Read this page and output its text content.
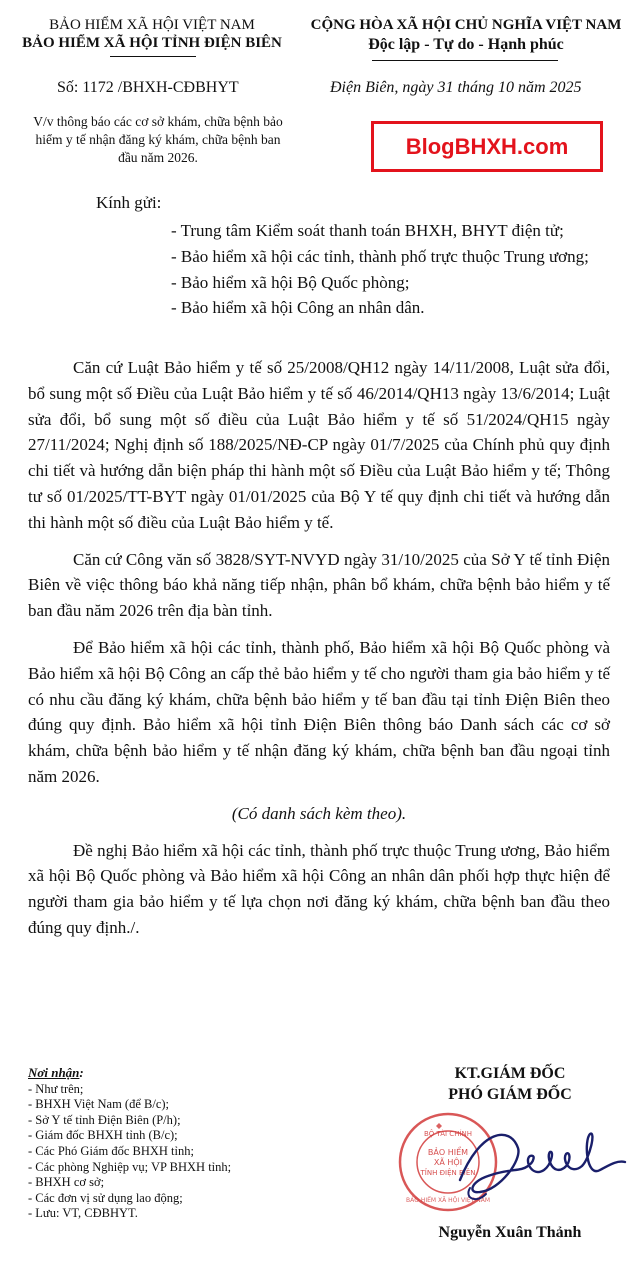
BẢO HIỂM XÃ HỘI VIỆT NAM
BẢO HIỂM XÃ HỘI TỈNH ĐIỆN BIÊN
CỘNG HÒA XÃ HỘI CHỦ NGHĨA VIỆT NAM
Độc lập - Tự do - Hạnh phúc
Số: 1172 /BHXH-CĐBHYT	Điện Biên, ngày 31 tháng 10 năm 2025
V/v thông báo các cơ sở khám, chữa bệnh bảo hiểm y tế nhận đăng ký khám, chữa bệnh ban đầu năm 2026.	BlogBHXH.com
Kính gửi:
- Trung tâm Kiểm soát thanh toán BHXH, BHYT điện tử;
- Bảo hiểm xã hội các tỉnh, thành phố trực thuộc Trung ương;
- Bảo hiểm xã hội Bộ Quốc phòng;
- Bảo hiểm xã hội Công an nhân dân.

Căn cứ Luật Bảo hiểm y tế số 25/2008/QH12 ngày 14/11/2008, Luật sửa đổi, bổ sung một số Điều của Luật Bảo hiểm y tế số 46/2014/QH13 ngày 13/6/2014; Luật sửa đổi, bổ sung một số điều của Luật Bảo hiểm y tế số 51/2024/QH15 ngày 27/11/2024; Nghị định số 188/2025/NĐ-CP ngày 01/7/2025 của Chính phủ quy định chi tiết và hướng dẫn biện pháp thi hành một số Điều của Luật Bảo hiểm y tế; Thông tư số 01/2025/TT-BYT ngày 01/01/2025 của Bộ Y tế quy định chi tiết và hướng dẫn thi hành một số điều của Luật Bảo hiểm y tế.

Căn cứ Công văn số 3828/SYT-NVYD ngày 31/10/2025 của Sở Y tế tỉnh Điện Biên về việc thông báo khả năng tiếp nhận, phân bổ khám, chữa bệnh bảo hiểm y tế ban đầu năm 2026 trên địa bàn tỉnh.

Để Bảo hiểm xã hội các tỉnh, thành phố, Bảo hiểm xã hội Bộ Quốc phòng và Bảo hiểm xã hội Bộ Công an cấp thẻ bảo hiểm y tế cho người tham gia bảo hiểm y tế có nhu cầu đăng ký khám, chữa bệnh bảo hiểm y tế ban đầu tại tỉnh Điện Biên theo đúng quy định. Bảo hiểm xã hội tỉnh Điện Biên thông báo Danh sách các cơ sở khám, chữa bệnh bảo hiểm y tế nhận đăng ký khám, chữa bệnh ban đầu ngoại tỉnh năm 2026.

(Có danh sách kèm theo).

Đề nghị Bảo hiểm xã hội các tỉnh, thành phố trực thuộc Trung ương, Bảo hiểm xã hội Bộ Quốc phòng và Bảo hiểm xã hội Công an nhân dân phối hợp thực hiện để người tham gia bảo hiểm y tế lựa chọn nơi đăng ký khám, chữa bệnh ban đầu theo đúng quy định./.

Nơi nhận:
- Như trên;
- BHXH Việt Nam (để B/c);
- Sở Y tế tỉnh Điện Biên (P/h);
- Giám đốc BHXH tỉnh (B/c);
- Các Phó Giám đốc BHXH tỉnh;
- Các phòng Nghiệp vụ; VP BHXH tỉnh;
- BHXH cơ sở;
- Các đơn vị sử dụng lao động;
- Lưu: VT, CĐBHYT.
KT.GIÁM ĐỐC
PHÓ GIÁM ĐỐC
BỘ TÀI CHÍNH
BẢO HIỂM
XÃ HỘI
TỈNH ĐIỆN BIÊN
BẢO HIỂM XÃ HỘI VIỆT NAM
Nguyễn Xuân Thảnh
